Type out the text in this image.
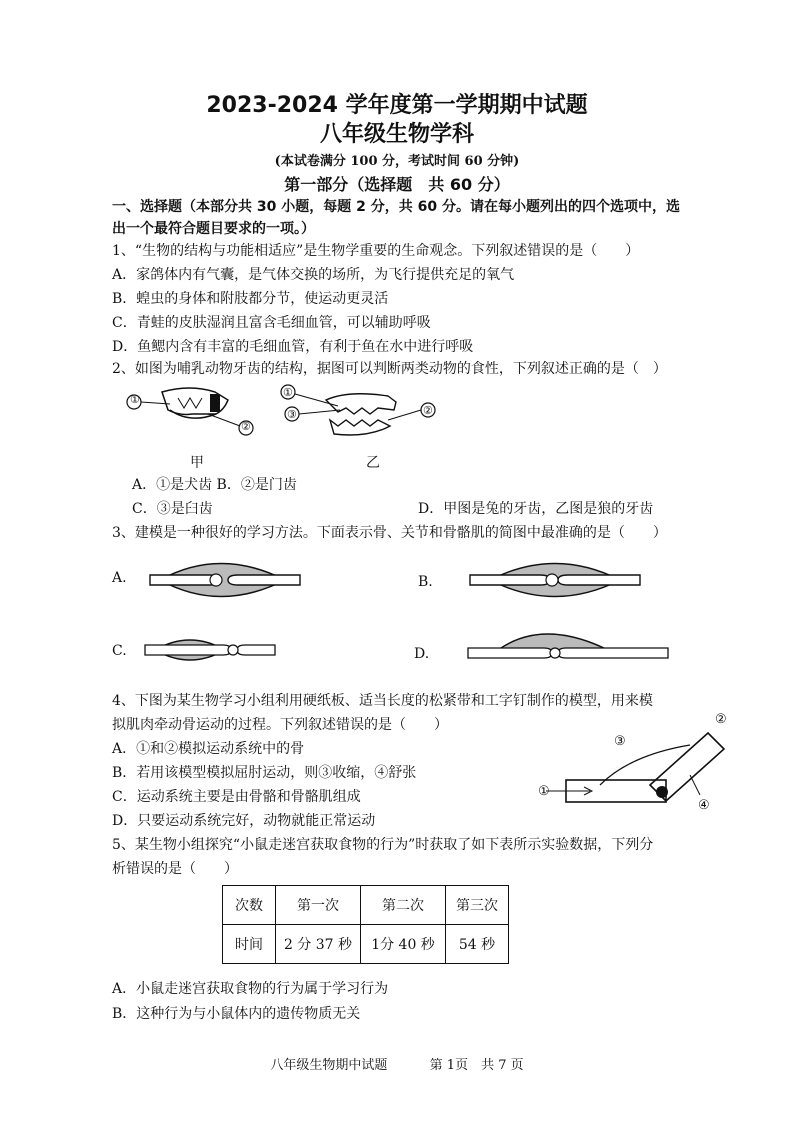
2023-2024 学年度第一学期期中试题
八年级生物学科
(本试卷满分 100 分，考试时间 60 分钟)
第一部分（选择题　共 60 分）
一、选择题（本部分共 30 小题，每题 2 分，共 60 分。请在每小题列出的四个选项中，选
出一个最符合题目要求的一项。）
1、“生物的结构与功能相适应”是生物学重要的生命观念。下列叙述错误的是（　　）
A．家鸽体内有气囊，是气体交换的场所，为飞行提供充足的氧气
B．蝗虫的身体和附肢都分节，使运动更灵活
C．青蛙的皮肤湿润且富含毛细血管，可以辅助呼吸
D．鱼鳃内含有丰富的毛细血管，有利于鱼在水中进行呼吸
2、如图为哺乳动物牙齿的结构，据图可以判断两类动物的食性，下列叙述正确的是（　）
①
②
甲
①
③	②
乙
A．①是犬齿 B．②是门齿
C．③是臼齿	D．甲图是兔的牙齿，乙图是狼的牙齿
3、建模是一种很好的学习方法。下面表示骨、关节和骨骼肌的简图中最准确的是（　　）
A.	B.
C.	D.
4、下图为某生物学习小组利用硬纸板、适当长度的松紧带和工字钉制作的模型，用来模
拟肌肉牵动骨运动的过程。下列叙述错误的是（　　）
A．①和②模拟运动系统中的骨
B．若用该模型模拟屈肘运动，则③收缩，④舒张
C．运动系统主要是由骨骼和骨骼肌组成
D．只要运动系统完好，动物就能正常运动
①
②
③
④
5、某生物小组探究“小鼠走迷宫获取食物的行为”时获取了如下表所示实验数据，下列分
析错误的是（　　）
次数	第一次	第二次	第三次
时间	2 分 37 秒	1分 40 秒	54 秒
A．小鼠走迷宫获取食物的行为属于学习行为
B．这种行为与小鼠体内的遗传物质无关
八年级生物期中试题	第 1页　共 7 页
